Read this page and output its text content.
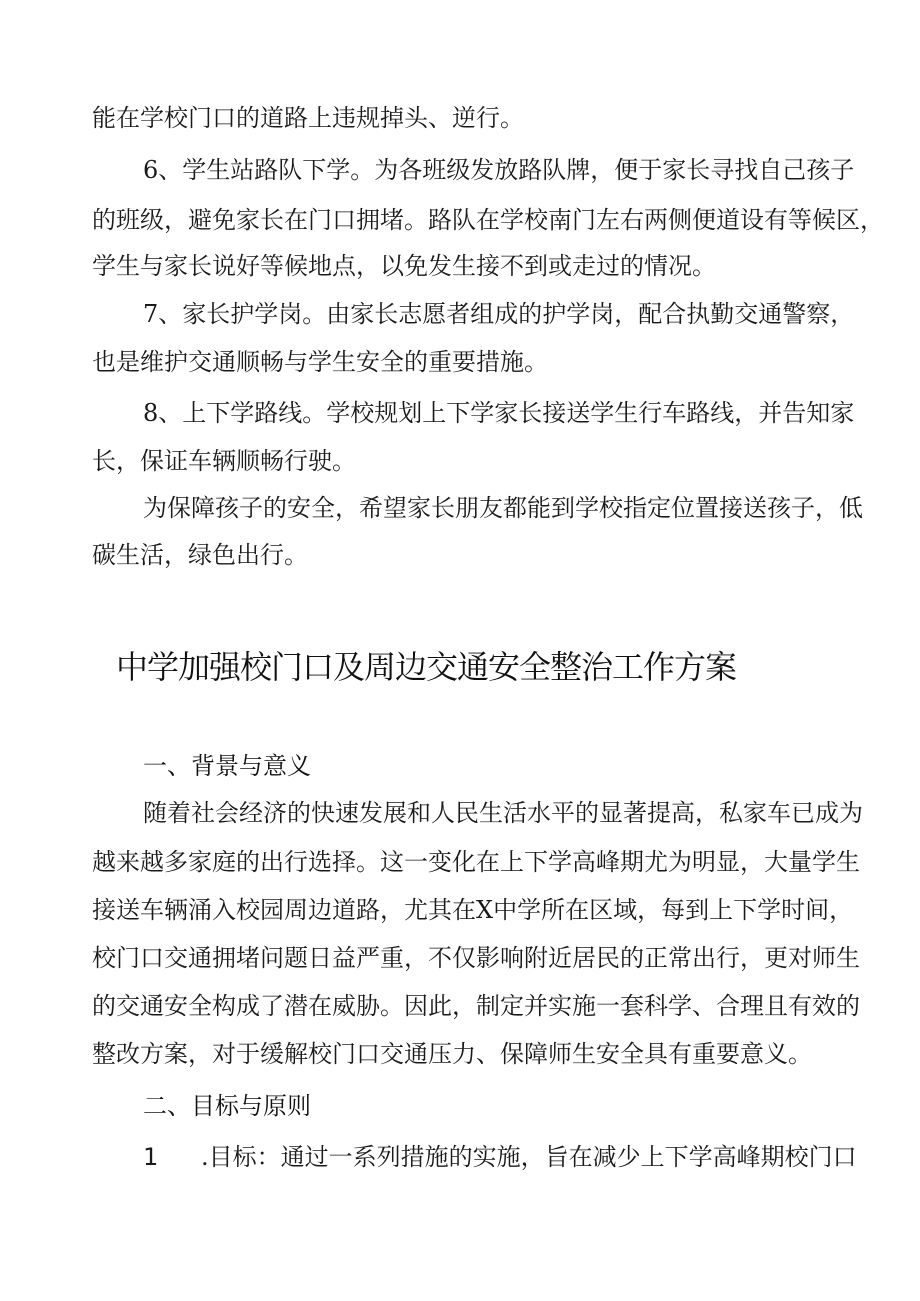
能在学校门口的道路上违规掉头、逆行。
6、学生站路队下学。为各班级发放路队牌，便于家长寻找自己孩子
的班级，避免家长在门口拥堵。路队在学校南门左右两侧便道设有等候区，
学生与家长说好等候地点，以免发生接不到或走过的情况。
7、家长护学岗。由家长志愿者组成的护学岗，配合执勤交通警察，
也是维护交通顺畅与学生安全的重要措施。
8、上下学路线。学校规划上下学家长接送学生行车路线，并告知家
长，保证车辆顺畅行驶。
为保障孩子的安全，希望家长朋友都能到学校指定位置接送孩子，低
碳生活，绿色出行。
中学加强校门口及周边交通安全整治工作方案
一、背景与意义
随着社会经济的快速发展和人民生活水平的显著提高，私家车已成为
越来越多家庭的出行选择。这一变化在上下学高峰期尤为明显，大量学生
接送车辆涌入校园周边道路，尤其在X中学所在区域，每到上下学时间，
校门口交通拥堵问题日益严重，不仅影响附近居民的正常出行，更对师生
的交通安全构成了潜在威胁。因此，制定并实施一套科学、合理且有效的
整改方案，对于缓解校门口交通压力、保障师生安全具有重要意义。
二、目标与原则
1 .目标：通过一系列措施的实施，旨在减少上下学高峰期校门口
